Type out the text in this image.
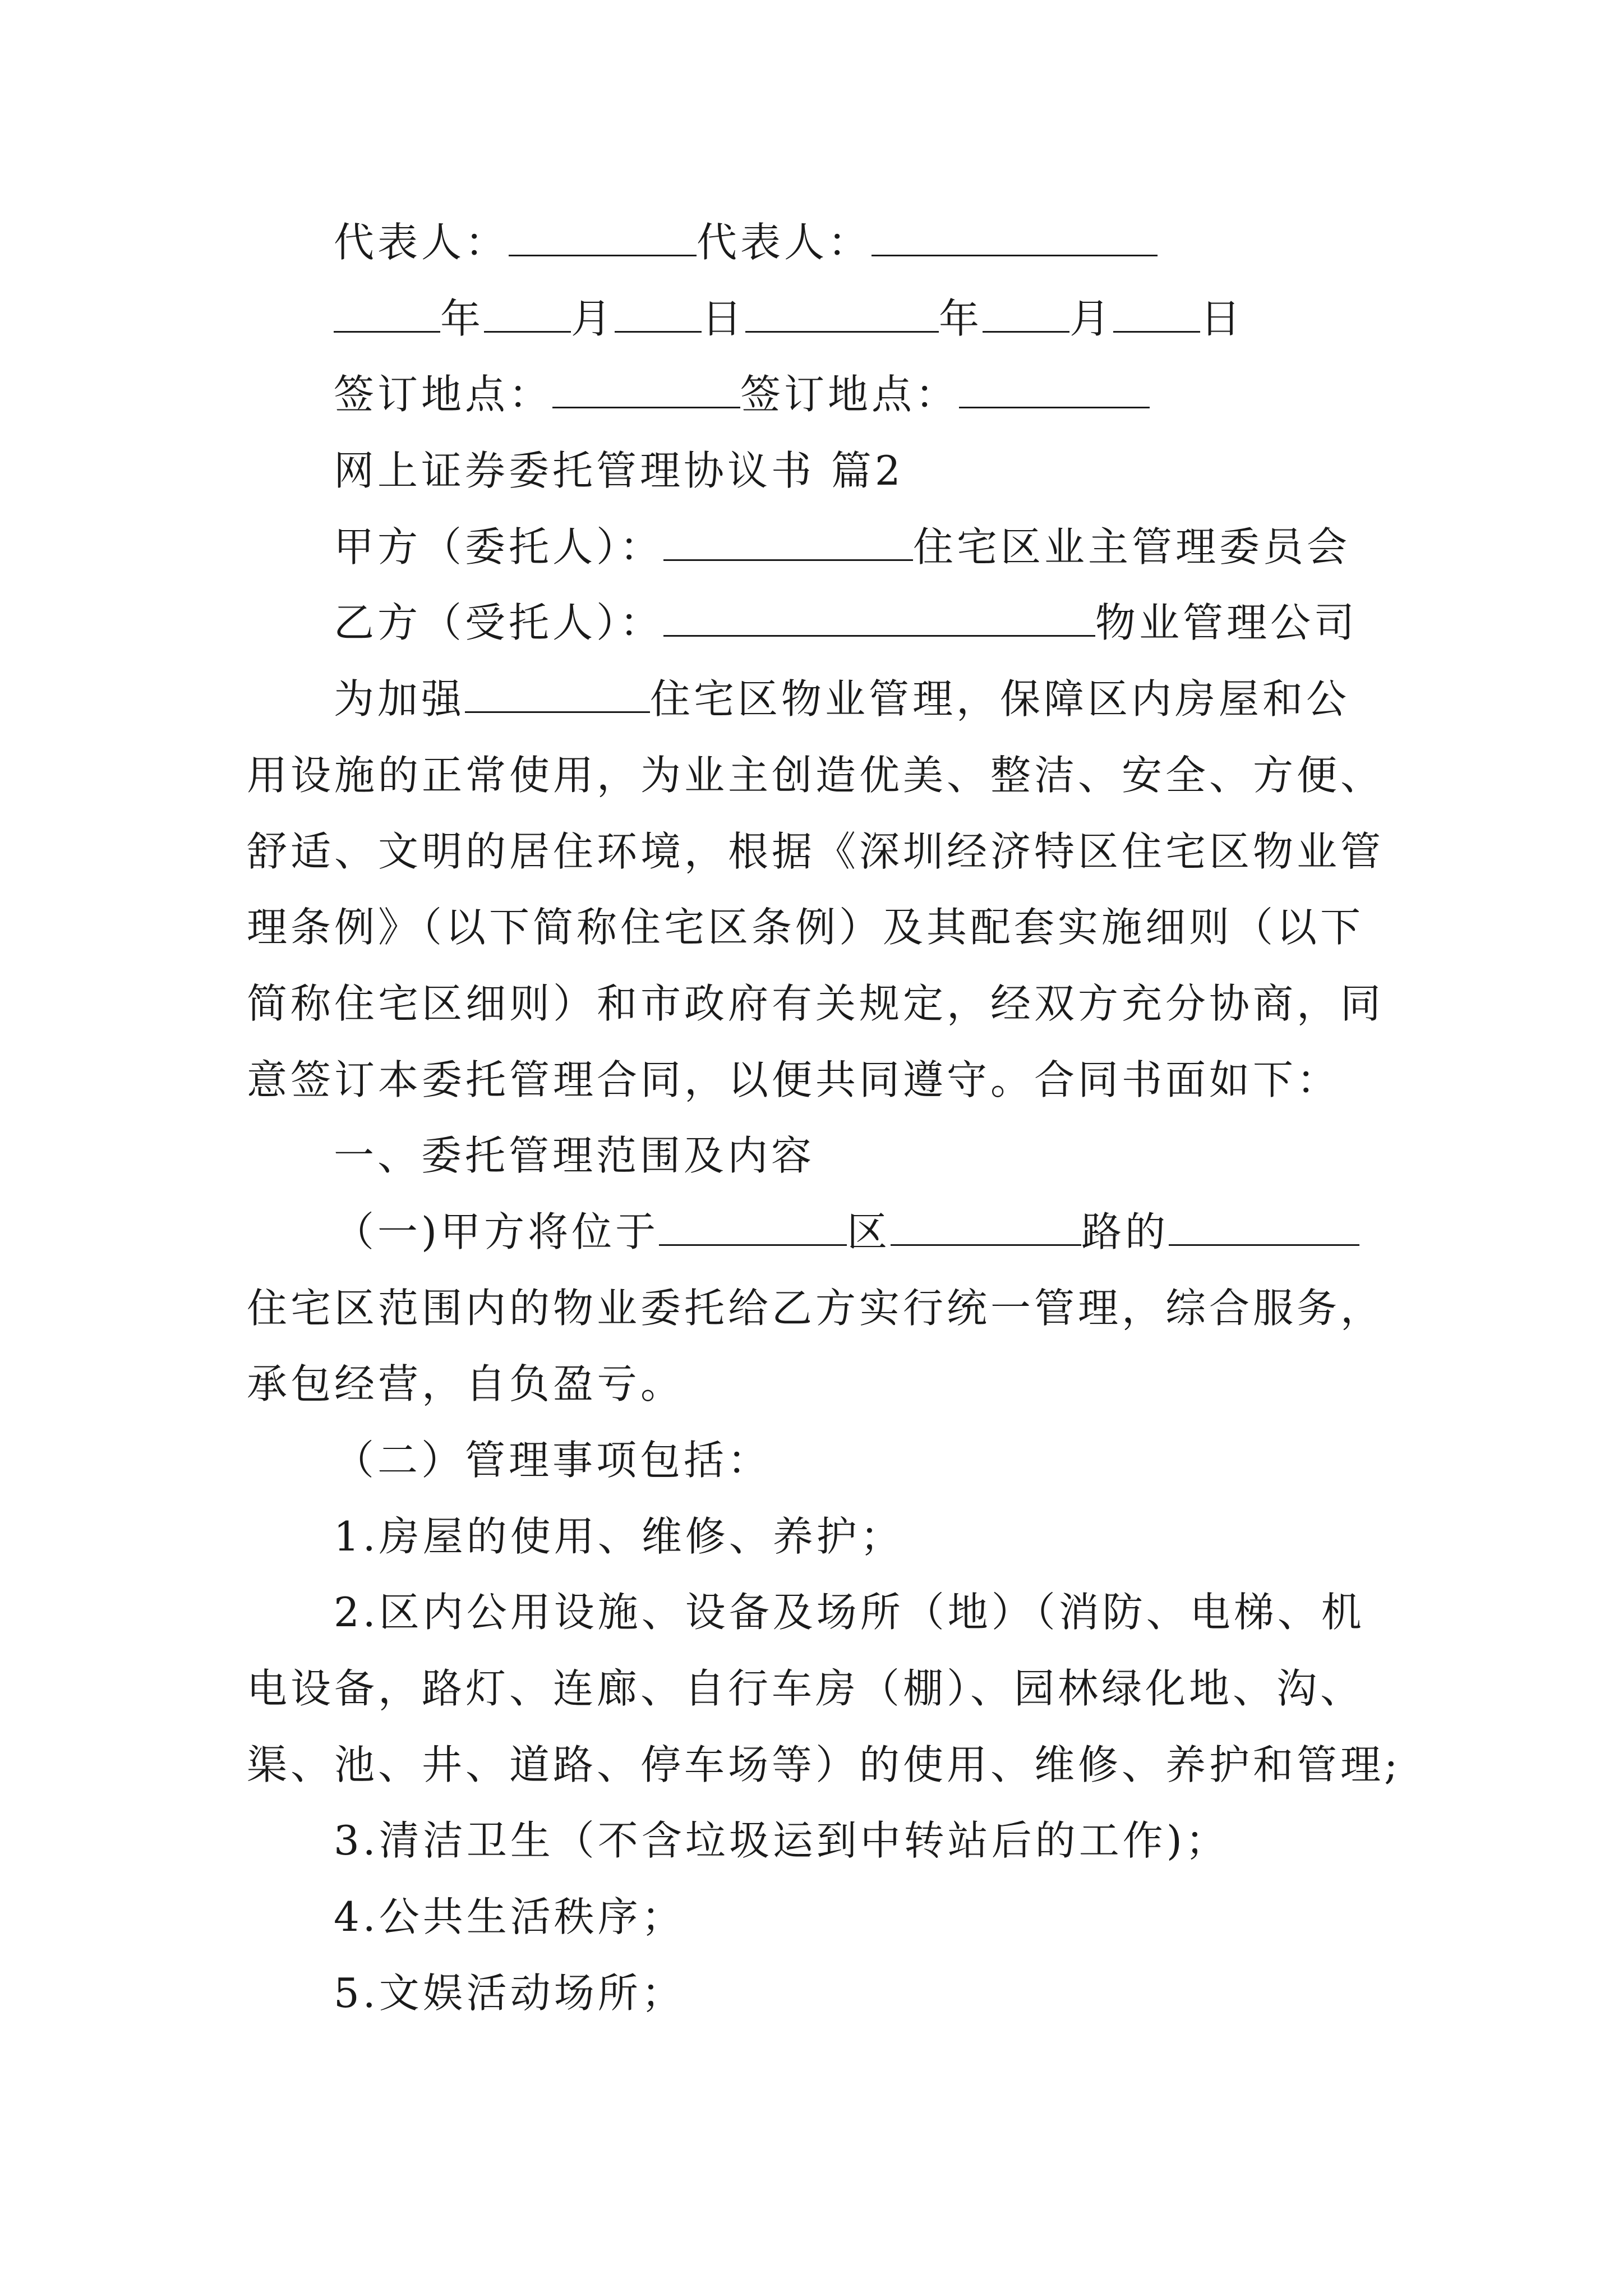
代表人：	代表人：
年 月 日	年 月 日
签订地点：	签订地点：
网上证券委托管理协议书 篇2
甲方（委托人）：	住宅区业主管理委员会
乙方（受托人）：	物业管理公司
为加强	住宅区物业管理，保障区内房屋和公
用设施的正常使用，为业主创造优美、整洁、安全、方便、
舒适、文明的居住环境，根据《深圳经济特区住宅区物业管
理条例》（以下简称住宅区条例）及其配套实施细则（以下
简称住宅区细则）和市政府有关规定，经双方充分协商，同
意签订本委托管理合同，以便共同遵守。合同书面如下：
一、委托管理范围及内容
（一)甲方将位于	区	路的
住宅区范围内的物业委托给乙方实行统一管理，综合服务，
承包经营，自负盈亏。
（二）管理事项包括：
1.房屋的使用、维修、养护；
2.区内公用设施、设备及场所（地）（消防、电梯、机
电设备，路灯、连廊、自行车房（棚）、园林绿化地、沟、
渠、池、井、道路、停车场等）的使用、维修、养护和管理;
3.清洁卫生（不含垃圾运到中转站后的工作)；
4.公共生活秩序；
5.文娱活动场所；
